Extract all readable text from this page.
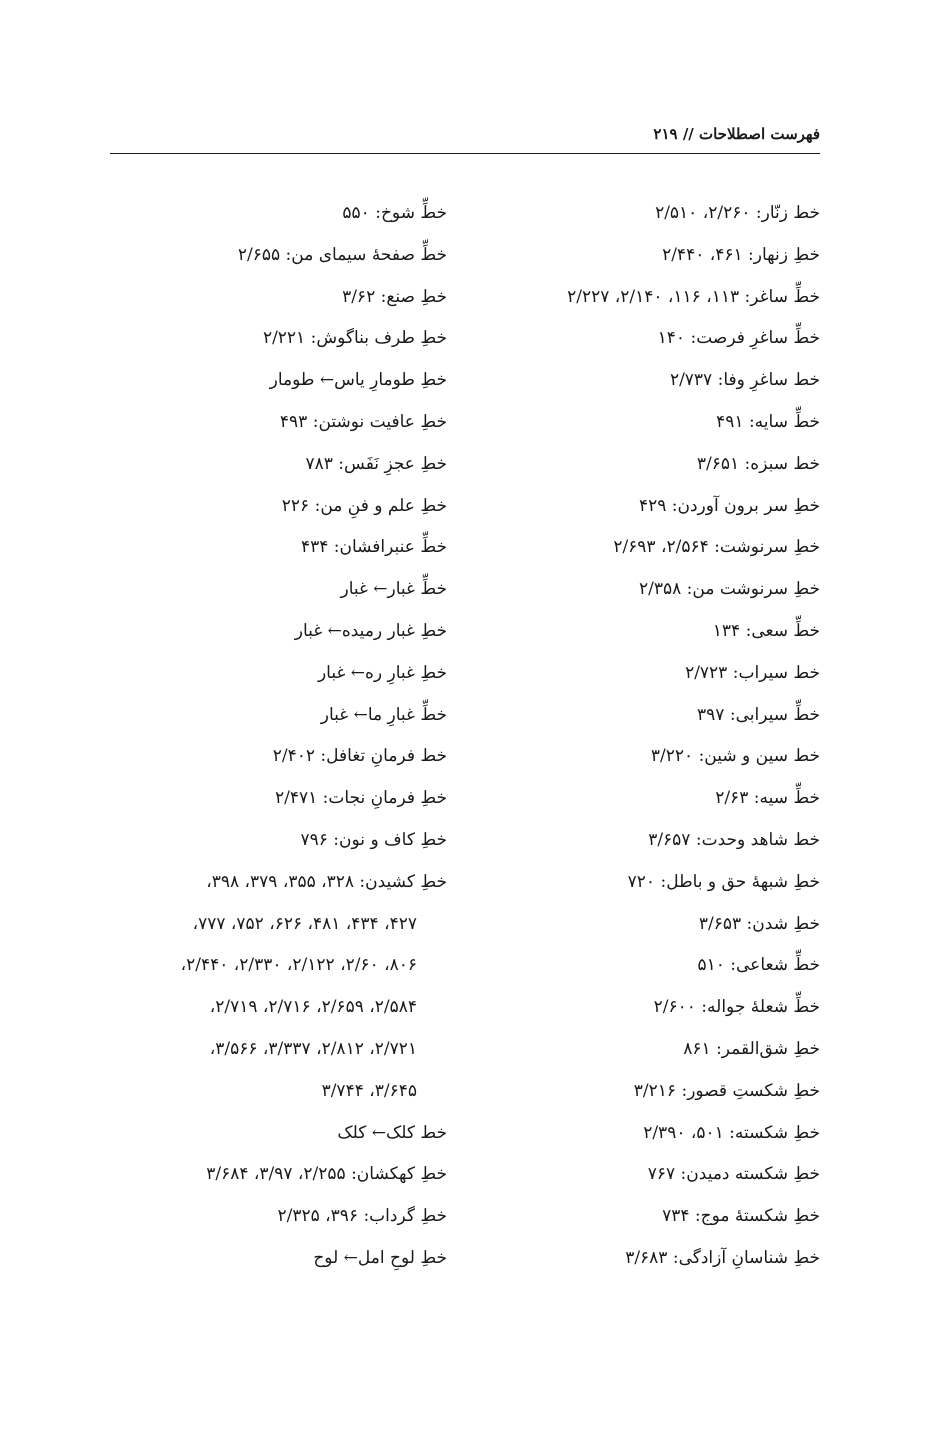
فهرست اصطلاحات // ۲۱۹
خط زنّار: ۲/۲۶۰، ۲/۵۱۰
خطِ زنهار: ۴۶۱، ۲/۴۴۰
خطِّ ساغر: ۱۱۳، ۱۱۶، ۲/۱۴۰، ۲/۲۲۷
خطِّ ساغرِ فرصت: ۱۴۰
خط ساغرِ وفا: ۲/۷۳۷
خطِّ سایه: ۴۹۱
خط سبزه: ۳/۶۵۱
خطِ سر برون آوردن: ۴۲۹
خطِ سرنوشت: ۲/۵۶۴، ۲/۶۹۳
خطِ سرنوشت من: ۲/۳۵۸
خطِّ سعی: ۱۳۴
خط سیراب: ۲/۷۲۳
خطِّ سیرابی: ۳۹۷
خط سین و شین: ۳/۲۲۰
خطِّ سیه: ۲/۶۳
خط شاهد وحدت: ۳/۶۵۷
خطِ شبههٔ حق و باطل: ۷۲۰
خطِ شدن: ۳/۶۵۳
خطِّ شعاعی: ۵۱۰
خطِّ شعلهٔ جواله: ۲/۶۰۰
خطِ شق‌القمر: ۸۶۱
خطِ شکستِ قصور: ۳/۲۱۶
خطِ شکسته: ۵۰۱، ۲/۳۹۰
خطِ شکسته دمیدن: ۷۶۷
خطِ شکستهٔ موج: ۷۳۴
خطِ شناسانِ آزادگی: ۳/۶۸۳
خطِّ شوخ: ۵۵۰
خطِّ صفحهٔ سیمای من: ۲/۶۵۵
خطِ صنع: ۳/۶۲
خطِ طرف بناگوش: ۲/۲۲۱
خطِ طومارِ یاس← طومار
خطِ عافیت نوشتن: ۴۹۳
خطِ عجزِ نَفَس: ۷۸۳
خطِ علم و فنِ من: ۲۲۶
خطِّ عنبرافشان: ۴۳۴
خطِّ غبار← غبار
خطِ غبار رمیده← غبار
خطِ غبارِ ره← غبار
خطِّ غبارِ ما← غبار
خط فرمانِ تغافل: ۲/۴۰۲
خطِ فرمانِ نجات: ۲/۴۷۱
خطِ کاف و نون: ۷۹۶
خطِ کشیدن: ۳۲۸، ۳۵۵، ۳۷۹، ۳۹۸،
۴۲۷، ۴۳۴، ۴۸۱، ۶۲۶، ۷۵۲، ۷۷۷،
۸۰۶، ۲/۶۰، ۲/۱۲۲، ۲/۳۳۰، ۲/۴۴۰،
۲/۵۸۴، ۲/۶۵۹، ۲/۷۱۶، ۲/۷۱۹،
۲/۷۲۱، ۲/۸۱۲، ۳/۳۳۷، ۳/۵۶۶،
۳/۶۴۵، ۳/۷۴۴
خط کلک← کلک
خطِ کهکشان: ۲/۲۵۵، ۳/۹۷، ۳/۶۸۴
خطِ گرداب: ۳۹۶، ۲/۳۲۵
خطِ لوحِ امل← لوح
